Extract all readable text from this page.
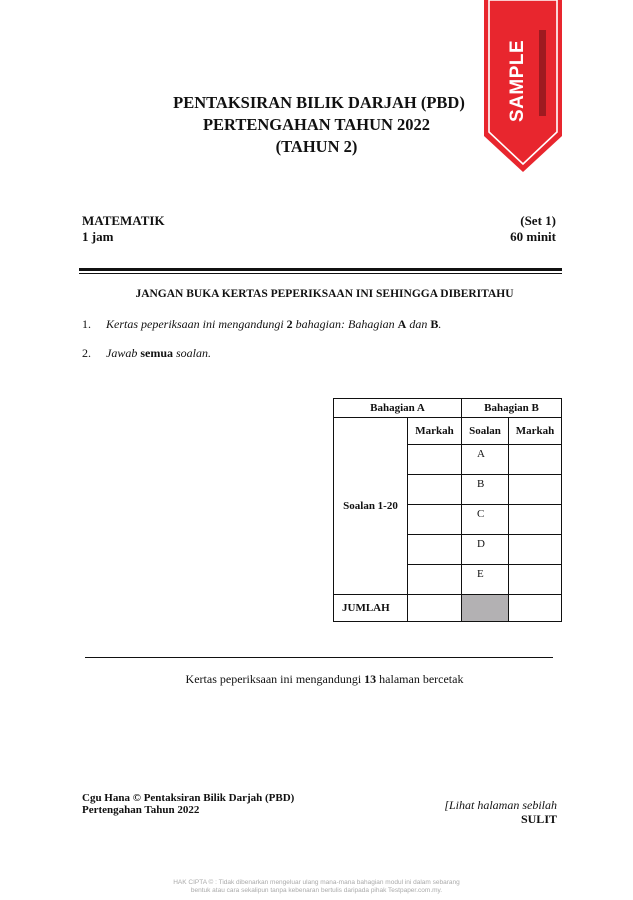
PENTAKSIRAN BILIK DARJAH (PBD)

PERTENGAHAN TAHUN 2022

(TAHUN 2)

SAMPLE
MATEMATIK	(Set 1)
1 jam	60 minit
JANGAN BUKA KERTAS PEPERIKSAAN INI SEHINGGA DIBERITAHU
1. Kertas peperiksaan ini mengandungi 2 bahagian: Bahagian A dan B.
2. Jawab semua soalan.
Bahagian A		Bahagian B	
Soalan 1-20	Markah	Soalan	Markah
		A	
		B	
		C	
		D	
		E	
JUMLAH			
Kertas peperiksaan ini mengandungi 13 halaman bercetak
Cgu Hana © Pentaksiran Bilik Darjah (PBD)
Pertengahan Tahun 2022	[Lihat halaman sebilah
SULIT
HAK CIPTA © : Tidak dibenarkan mengeluar ulang mana-mana bahagian modul ini dalam sebarang
bentuk atau cara sekalipun tanpa kebenaran bertulis daripada pihak Testpaper.com.my.
